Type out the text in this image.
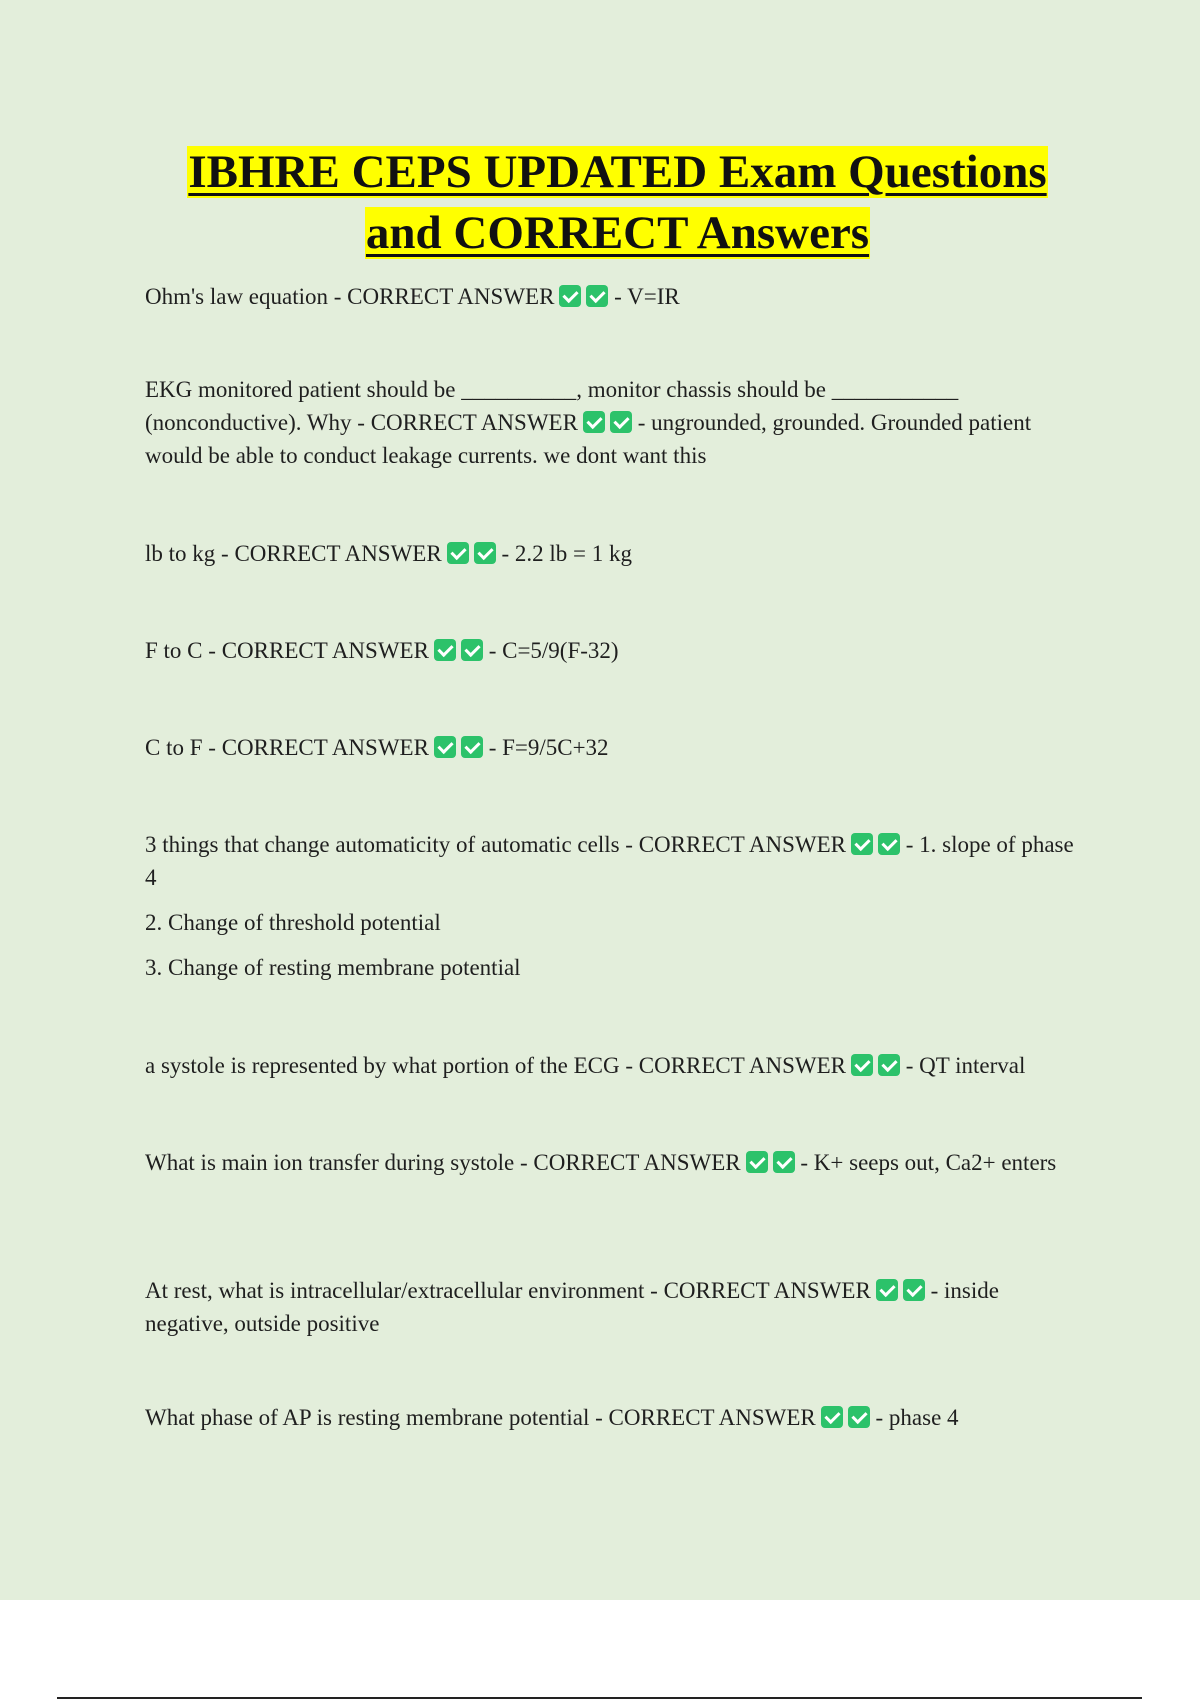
IBHRE CEPS UPDATED Exam Questions
and CORRECT Answers
Ohm's law equation - CORRECT ANSWER - V=IR
EKG monitored patient should be __________, monitor chassis should be ___________ (nonconductive). Why - CORRECT ANSWER - ungrounded, grounded. Grounded patient would be able to conduct leakage currents. we dont want this
lb to kg - CORRECT ANSWER - 2.2 lb = 1 kg
F to C - CORRECT ANSWER - C=5/9(F-32)
C to F - CORRECT ANSWER - F=9/5C+32
3 things that change automaticity of automatic cells - CORRECT ANSWER - 1. slope of phase 4
2. Change of threshold potential
3. Change of resting membrane potential
a systole is represented by what portion of the ECG - CORRECT ANSWER - QT interval
What is main ion transfer during systole - CORRECT ANSWER - K+ seeps out, Ca2+ enters
At rest, what is intracellular/extracellular environment - CORRECT ANSWER - inside negative, outside positive
What phase of AP is resting membrane potential - CORRECT ANSWER - phase 4
